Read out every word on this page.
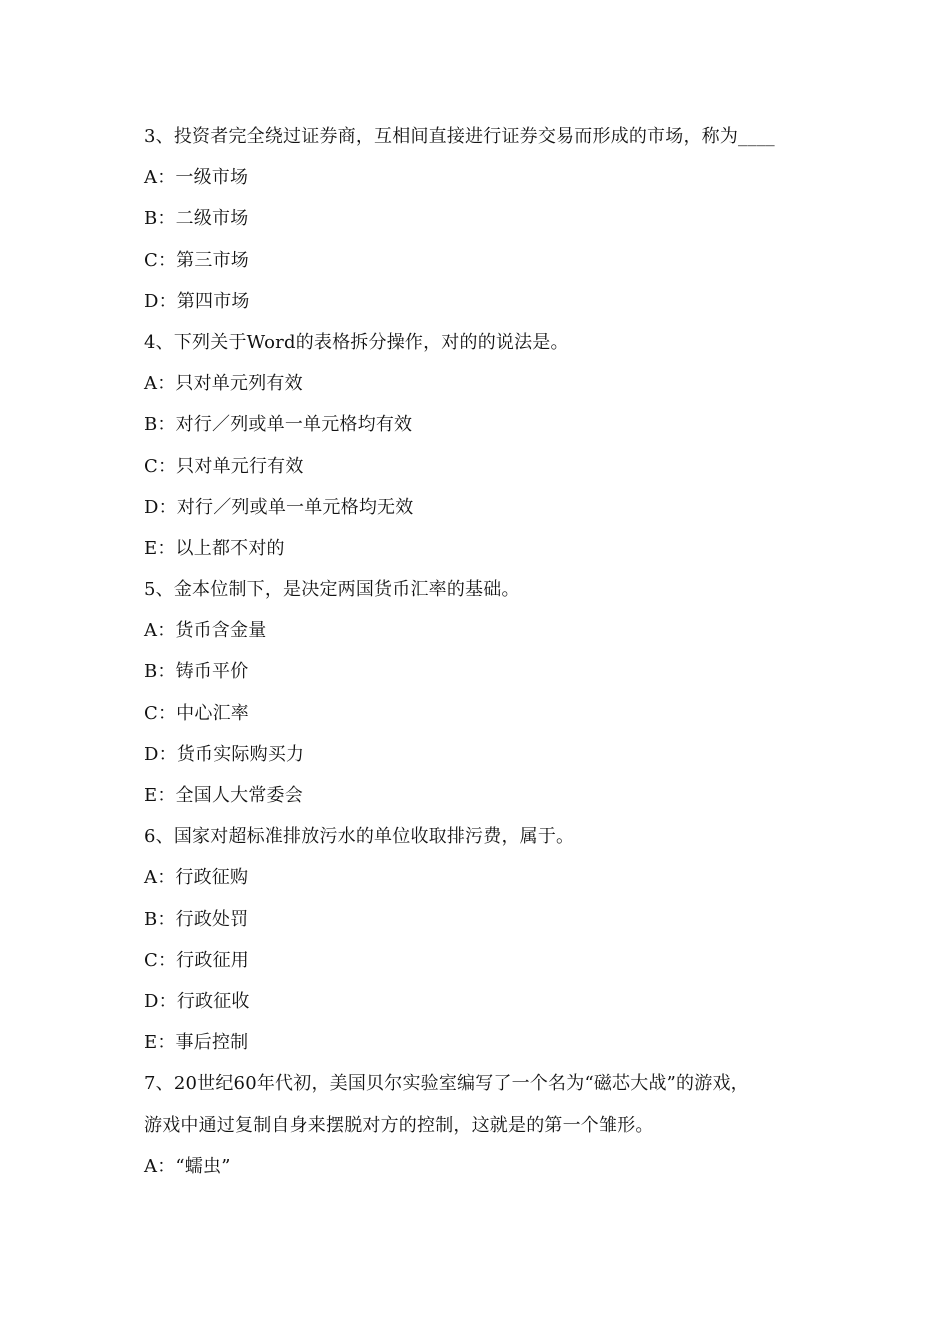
3、投资者完全绕过证券商，互相间直接进行证券交易而形成的市场，称为____
A：一级市场
B：二级市场
C：第三市场
D：第四市场
4、下列关于Word的表格拆分操作，对的的说法是。
A：只对单元列有效
B：对行／列或单一单元格均有效
C：只对单元行有效
D：对行／列或单一单元格均无效
E：以上都不对的
5、金本位制下，是决定两国货币汇率的基础。
A：货币含金量
B：铸币平价
C：中心汇率
D：货币实际购买力
E：全国人大常委会
6、国家对超标准排放污水的单位收取排污费，属于。
A：行政征购
B：行政处罚
C：行政征用
D：行政征收
E：事后控制
7、20世纪60年代初，美国贝尔实验室编写了一个名为“磁芯大战”的游戏，
游戏中通过复制自身来摆脱对方的控制，这就是的第一个雏形。
A：“蠕虫”
